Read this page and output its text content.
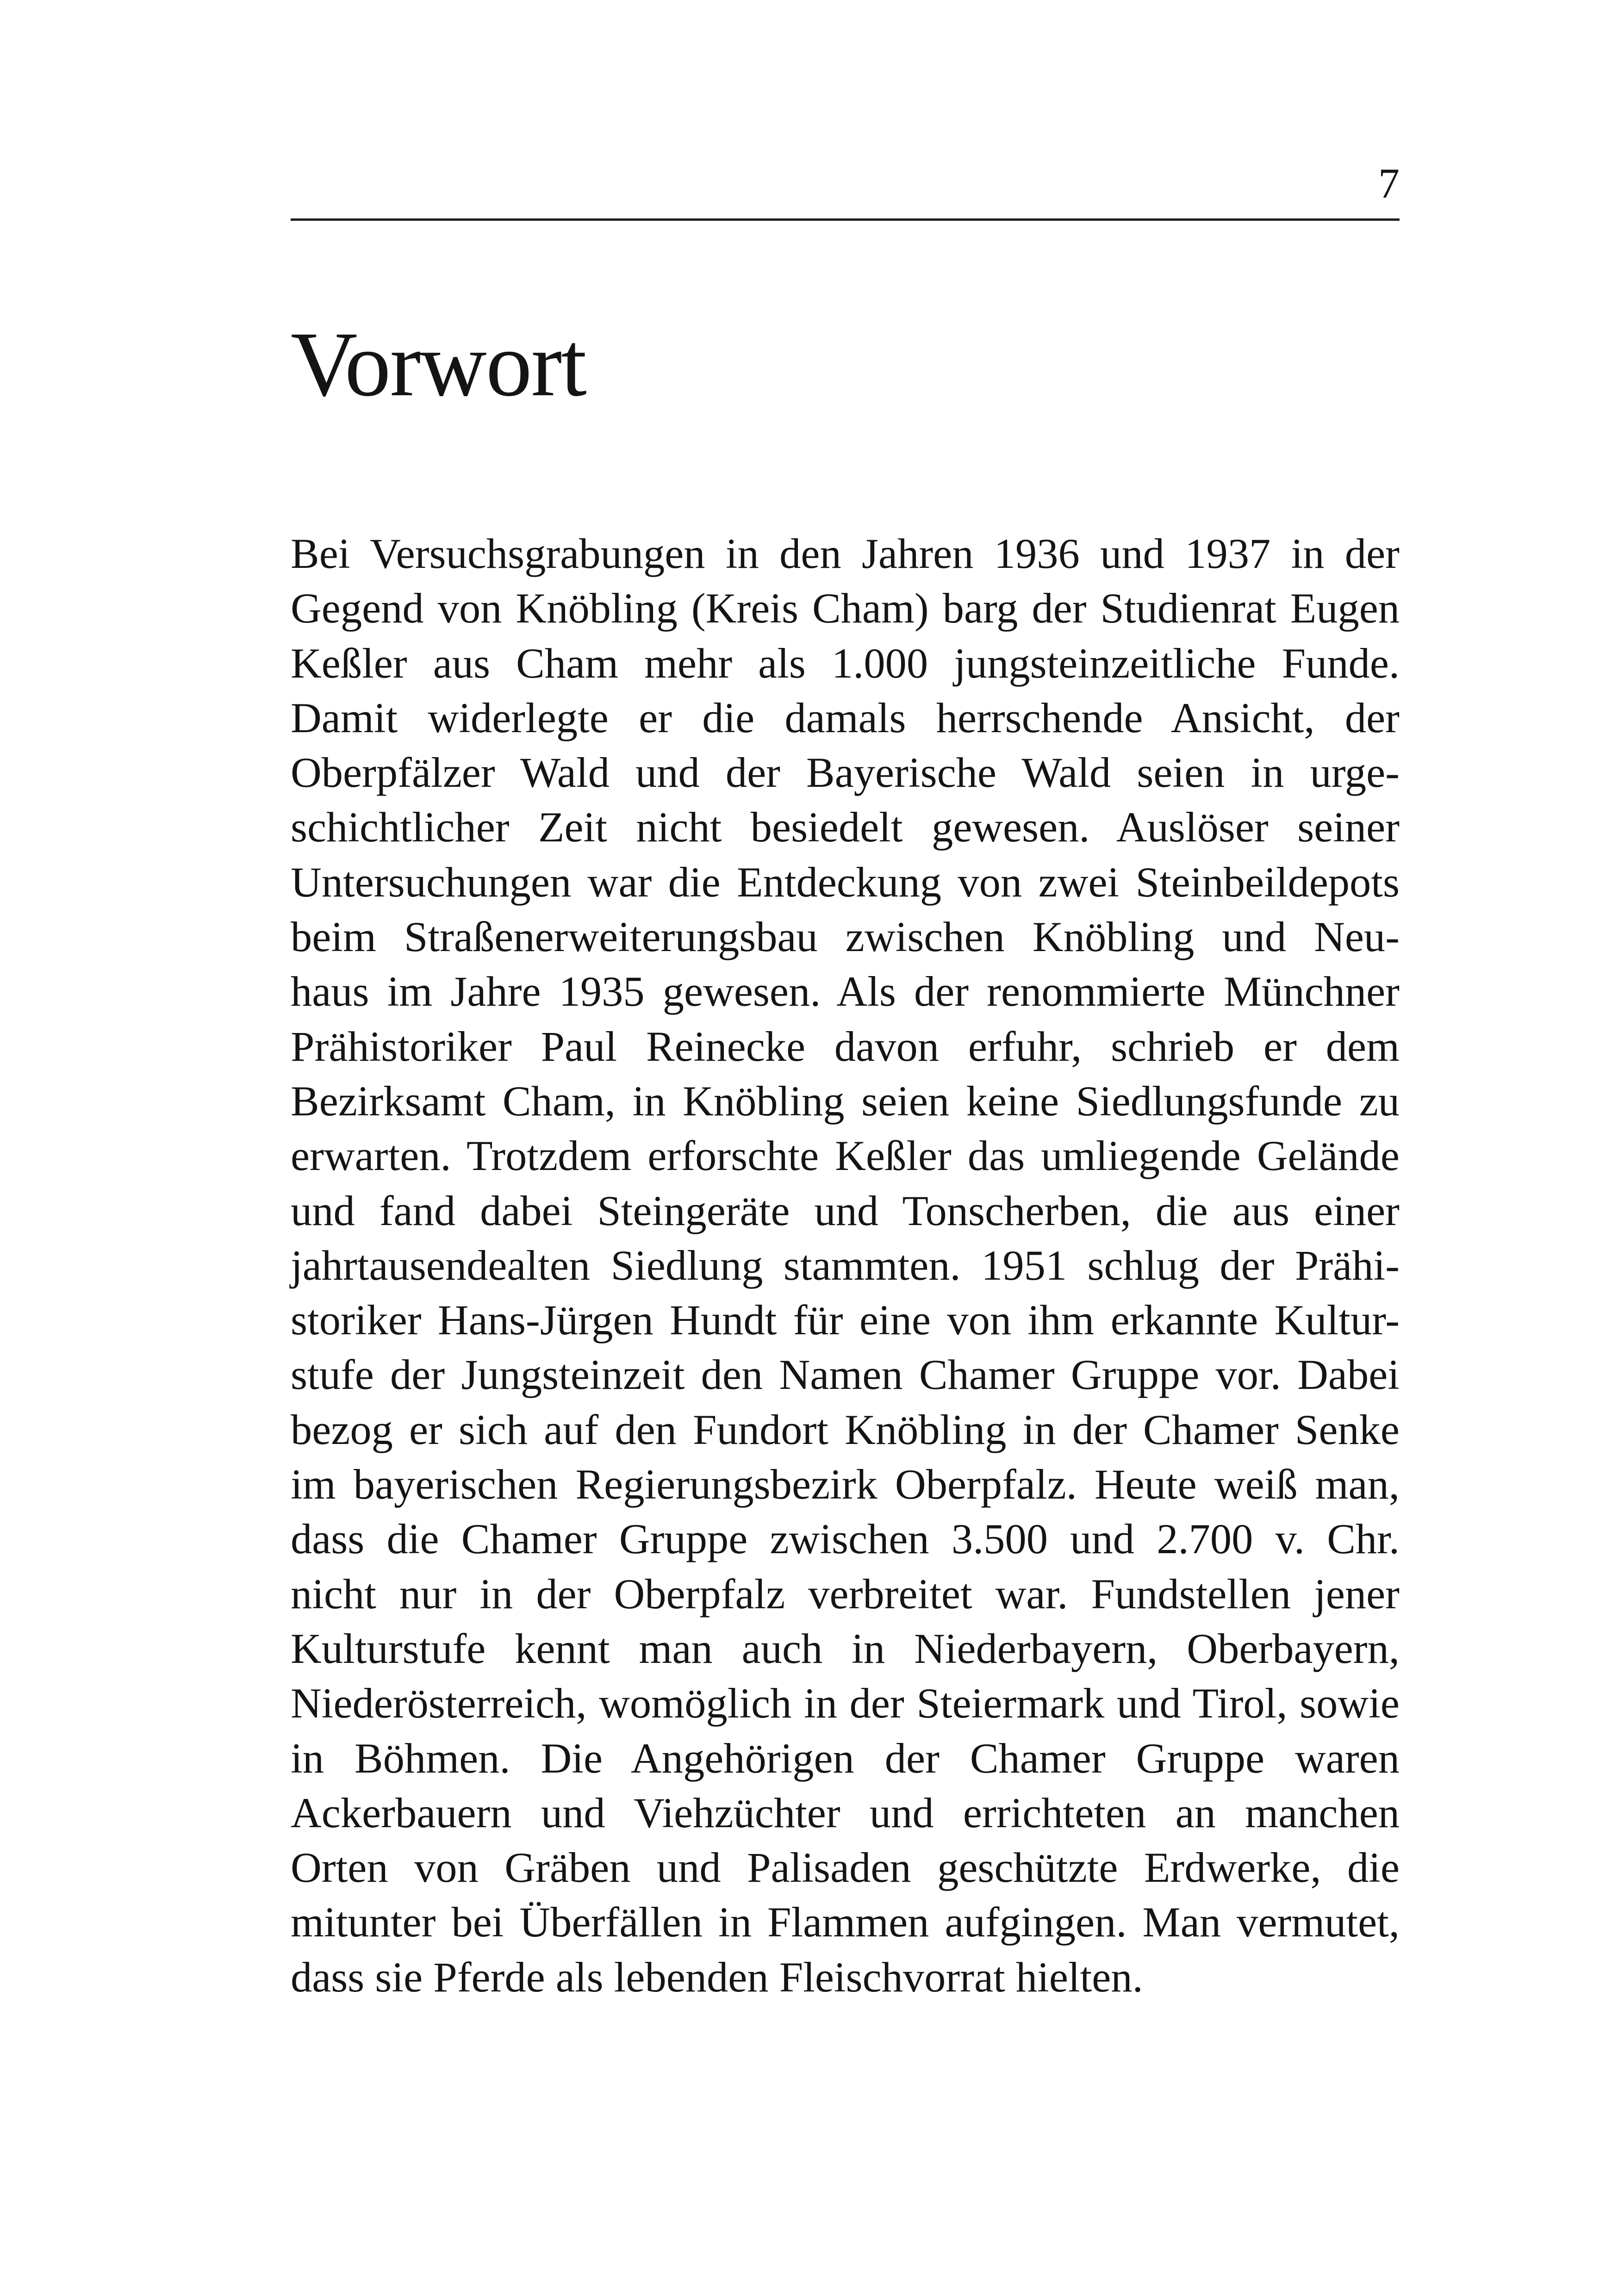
7
Vorwort
Bei Versuchsgrabungen in den Jahren 1936 und 1937 in der
Gegend von Knöbling (Kreis Cham) barg der Studienrat Eugen
Keßler aus Cham mehr als 1.000 jungsteinzeitliche Funde.
Damit widerlegte er die damals herrschende Ansicht, der
Oberpfälzer Wald und der Bayerische Wald seien in urge-
schichtlicher Zeit nicht besiedelt gewesen. Auslöser seiner
Untersuchungen war die Entdeckung von zwei Steinbeildepots
beim Straßenerweiterungsbau zwischen Knöbling und Neu-
haus im Jahre 1935 gewesen. Als der renommierte Münchner
Prähistoriker Paul Reinecke davon erfuhr, schrieb er dem
Bezirksamt Cham, in Knöbling seien keine Siedlungsfunde zu
erwarten. Trotzdem erforschte Keßler das umliegende Gelände
und fand dabei Steingeräte und Tonscherben, die aus einer
jahrtausendealten Siedlung stammten. 1951 schlug der Prähi-
storiker Hans-Jürgen Hundt für eine von ihm erkannte Kultur-
stufe der Jungsteinzeit den Namen Chamer Gruppe vor. Dabei
bezog er sich auf den Fundort Knöbling in der Chamer Senke
im bayerischen Regierungsbezirk Oberpfalz. Heute weiß man,
dass die Chamer Gruppe zwischen 3.500 und 2.700 v. Chr.
nicht nur in der Oberpfalz verbreitet war. Fundstellen jener
Kulturstufe kennt man auch in Niederbayern, Oberbayern,
Niederösterreich, womöglich in der Steiermark und Tirol, sowie
in Böhmen. Die Angehörigen der Chamer Gruppe waren
Ackerbauern und Viehzüchter und errichteten an manchen
Orten von Gräben und Palisaden geschützte Erdwerke, die
mitunter bei Überfällen in Flammen aufgingen. Man vermutet,
dass sie Pferde als lebenden Fleischvorrat hielten.
